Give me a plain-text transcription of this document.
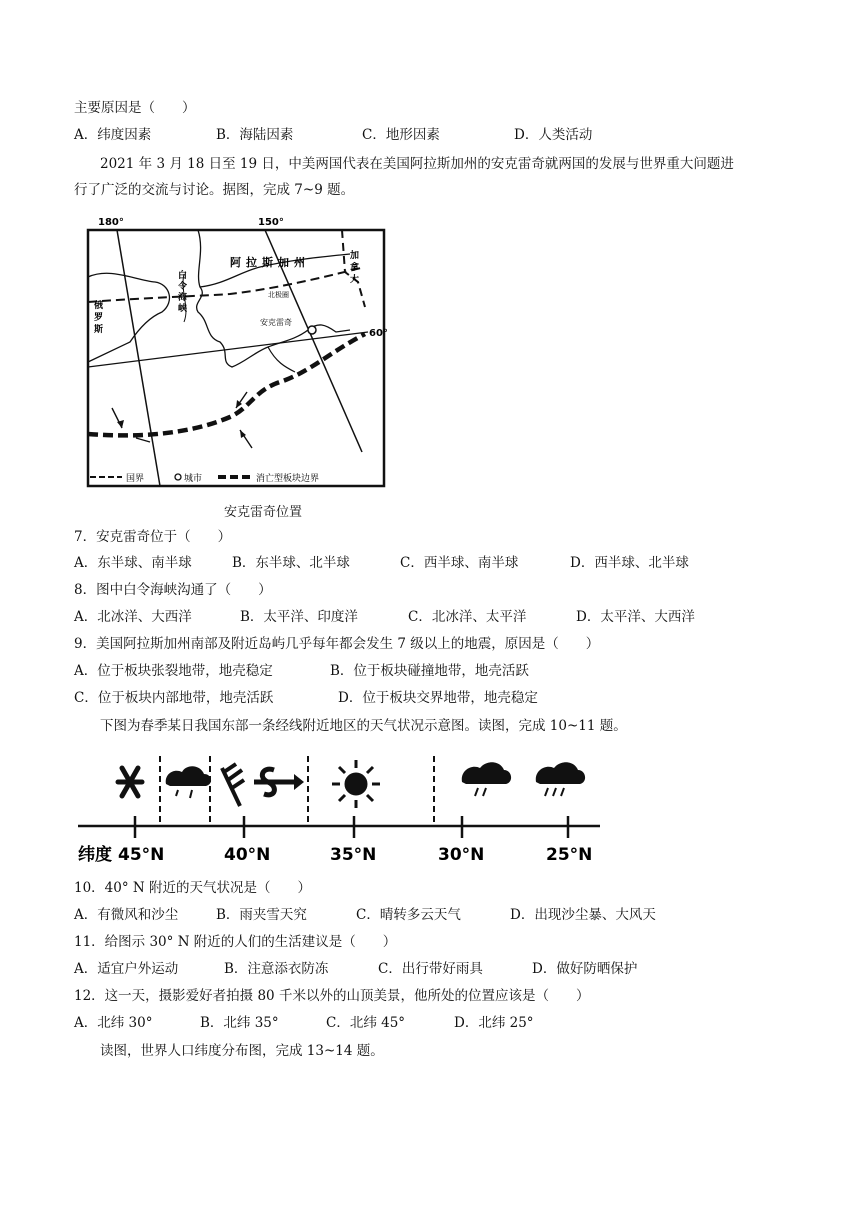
主要原因是（　　）
A．纬度因素	B．海陆因素	C．地形因素	D．人类活动
2021 年 3 月 18 日至 19 日，中美两国代表在美国阿拉斯加州的安克雷奇就两国的发展与世界重大问题进
行了广泛的交流与讨论。据图，完成 7~9 题。
180°	150°
60°
阿拉斯加州
北极圈
安克雷奇
俄罗斯
白令海峡
加拿大
国界	城市	消亡型板块边界
安克雷奇位置
7．安克雷奇位于（　　）
A．东半球、南半球	B．东半球、北半球	C．西半球、南半球	D．西半球、北半球
8．图中白令海峡沟通了（　　）
A．北冰洋、大西洋	B．太平洋、印度洋	C．北冰洋、太平洋	D．太平洋、大西洋
9．美国阿拉斯加州南部及附近岛屿几乎每年都会发生 7 级以上的地震，原因是（　　）
A．位于板块张裂地带，地壳稳定	B．位于板块碰撞地带，地壳活跃
C．位于板块内部地带，地壳活跃	D．位于板块交界地带，地壳稳定
下图为春季某日我国东部一条经线附近地区的天气状况示意图。读图，完成 10~11 题。
纬度 45°N	40°N	35°N	30°N	25°N
10．40° N 附近的天气状况是（　　）
A．有微风和沙尘	B．雨夹雪天究	C．晴转多云天气	D．出现沙尘暴、大风天
11．给图示 30° N 附近的人们的生活建议是（　　）
A．适宜户外运动	B．注意添衣防冻	C．出行带好雨具	D．做好防晒保护
12．这一天，摄影爱好者拍摄 80 千米以外的山顶美景，他所处的位置应该是（　　）
A．北纬 30°	B．北纬 35°	C．北纬 45°	D．北纬 25°
读图，世界人口纬度分布图，完成 13~14 题。
